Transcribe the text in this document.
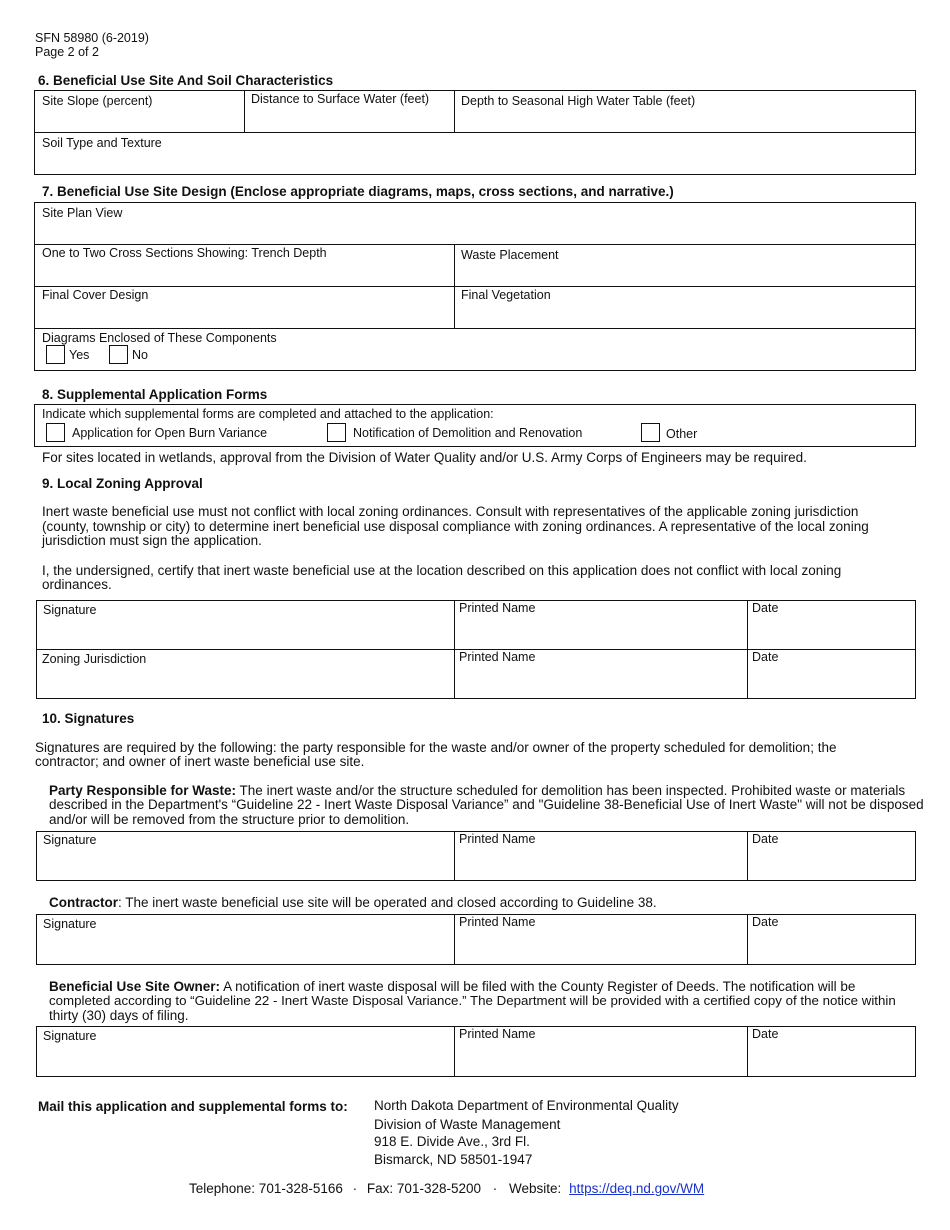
SFN 58980 (6-2019)
Page 2 of 2
6. Beneficial Use Site And Soil Characteristics
Site Slope (percent)	Distance to Surface Water (feet)	Depth to Seasonal High Water Table (feet)
Soil Type and Texture
7. Beneficial Use Site Design (Enclose appropriate diagrams, maps, cross sections, and narrative.)
Site Plan View
One to Two Cross Sections Showing: Trench Depth	Waste Placement
Final Cover Design	Final Vegetation
Diagrams Enclosed of These Components
Yes	No
8. Supplemental Application Forms
Indicate which supplemental forms are completed and attached to the application:
Application for Open Burn Variance	Notification of Demolition and Renovation	Other
For sites located in wetlands, approval from the Division of Water Quality and/or U.S. Army Corps of Engineers may be required.
9. Local Zoning Approval
Inert waste beneficial use must not conflict with local zoning ordinances. Consult with representatives of the applicable zoning jurisdiction
(county, township or city) to determine inert beneficial use disposal compliance with zoning ordinances. A representative of the local zoning
jurisdiction must sign the application.
I, the undersigned, certify that inert waste beneficial use at the location described on this application does not conflict with local zoning
ordinances.
Signature	Printed Name	Date
Zoning Jurisdiction	Printed Name	Date
10. Signatures
Signatures are required by the following: the party responsible for the waste and/or owner of the property scheduled for demolition; the
contractor; and owner of inert waste beneficial use site.
Party Responsible for Waste: The inert waste and/or the structure scheduled for demolition has been inspected. Prohibited waste or materials
described in the Department's “Guideline 22 - Inert Waste Disposal Variance” and "Guideline 38-Beneficial Use of Inert Waste" will not be disposed
and/or will be removed from the structure prior to demolition.
Signature	Printed Name	Date
Contractor: The inert waste beneficial use site will be operated and closed according to Guideline 38.
Signature	Printed Name	Date
Beneficial Use Site Owner: A notification of inert waste disposal will be filed with the County Register of Deeds. The notification will be
completed according to “Guideline 22 - Inert Waste Disposal Variance.” The Department will be provided with a certified copy of the notice within
thirty (30) days of filing.
Signature	Printed Name	Date
Mail this application and supplemental forms to: North Dakota Department of Environmental Quality
Division of Waste Management
918 E. Divide Ave., 3rd Fl.
Bismarck, ND 58501-1947
Telephone: 701-328-5166 · Fax: 701-328-5200 · Website: https://deq.nd.gov/WM
